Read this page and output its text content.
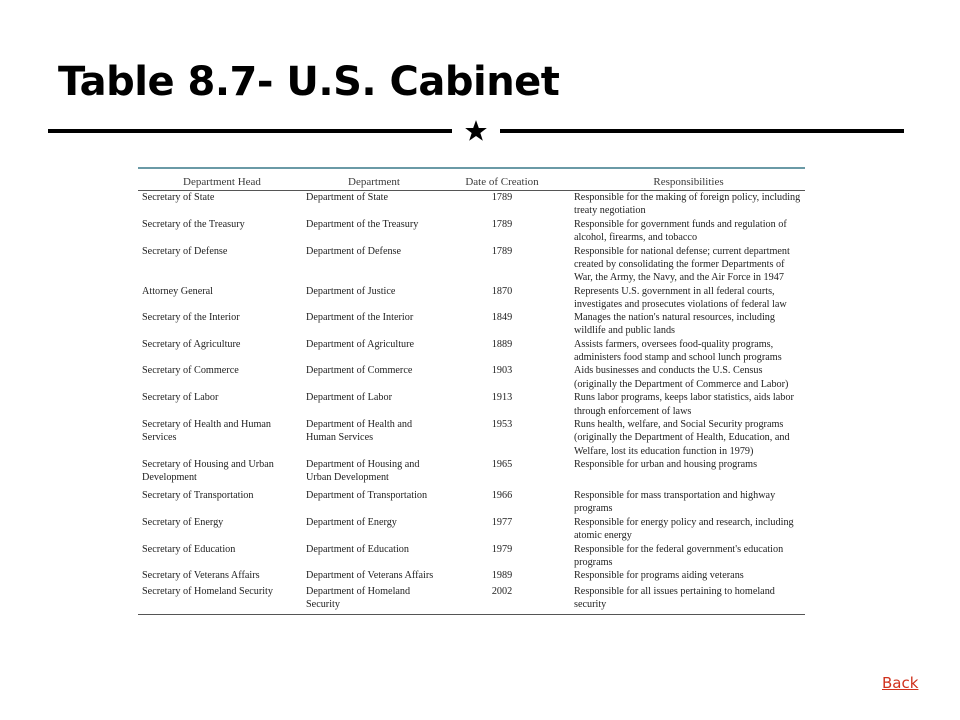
Table 8.7- U.S. Cabinet
Department Head	Department	Date of Creation	Responsibilities
Secretary of State	Department of State	1789	Responsible for the making of foreign policy, including treaty negotiation
Secretary of the Treasury	Department of the Treasury	1789	Responsible for government funds and regulation of alcohol, firearms, and tobacco
Secretary of Defense	Department of Defense	1789	Responsible for national defense; current department created by consolidating the former Departments of War, the Army, the Navy, and the Air Force in 1947
Attorney General	Department of Justice	1870	Represents U.S. government in all federal courts, investigates and prosecutes violations of federal law
Secretary of the Interior	Department of the Interior	1849	Manages the nation's natural resources, including wildlife and public lands
Secretary of Agriculture	Department of Agriculture	1889	Assists farmers, oversees food-quality programs, administers food stamp and school lunch programs
Secretary of Commerce	Department of Commerce	1903	Aids businesses and conducts the U.S. Census (originally the Department of Commerce and Labor)
Secretary of Labor	Department of Labor	1913	Runs labor programs, keeps labor statistics, aids labor through enforcement of laws
Secretary of Health and Human Services	Department of Health and Human Services	1953	Runs health, welfare, and Social Security programs (originally the Department of Health, Education, and Welfare, lost its education function in 1979)
Secretary of Housing and Urban Development	Department of Housing and Urban Development	1965	Responsible for urban and housing programs
Secretary of Transportation	Department of Transportation	1966	Responsible for mass transportation and highway programs
Secretary of Energy	Department of Energy	1977	Responsible for energy policy and research, including atomic energy
Secretary of Education	Department of Education	1979	Responsible for the federal government's education programs
Secretary of Veterans Affairs	Department of Veterans Affairs	1989	Responsible for programs aiding veterans
Secretary of Homeland Security	Department of Homeland Security	2002	Responsible for all issues pertaining to homeland security
Back
